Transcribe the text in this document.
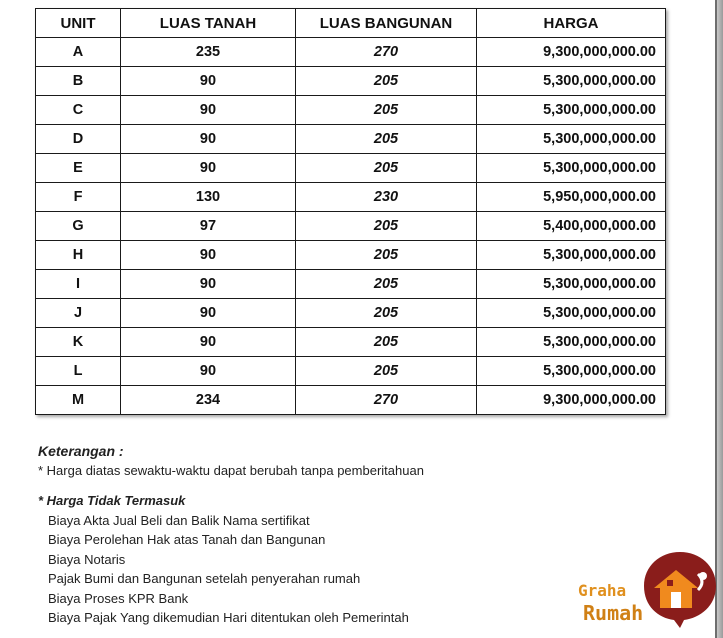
UNIT	LUAS TANAH	LUAS BANGUNAN	HARGA
A	235	270	9,300,000,000.00
B	90	205	5,300,000,000.00
C	90	205	5,300,000,000.00
D	90	205	5,300,000,000.00
E	90	205	5,300,000,000.00
F	130	230	5,950,000,000.00
G	97	205	5,400,000,000.00
H	90	205	5,300,000,000.00
I	90	205	5,300,000,000.00
J	90	205	5,300,000,000.00
K	90	205	5,300,000,000.00
L	90	205	5,300,000,000.00
M	234	270	9,300,000,000.00
Keterangan :
* Harga diatas sewaktu-waktu dapat berubah tanpa pemberitahuan
* Harga Tidak Termasuk
Biaya Akta Jual Beli dan Balik Nama sertifikat
Biaya Perolehan Hak atas Tanah dan Bangunan
Biaya Notaris
Pajak Bumi dan Bangunan setelah penyerahan rumah
Biaya Proses KPR Bank
Biaya Pajak Yang dikemudian Hari ditentukan oleh Pemerintah
Graha
Rumah
